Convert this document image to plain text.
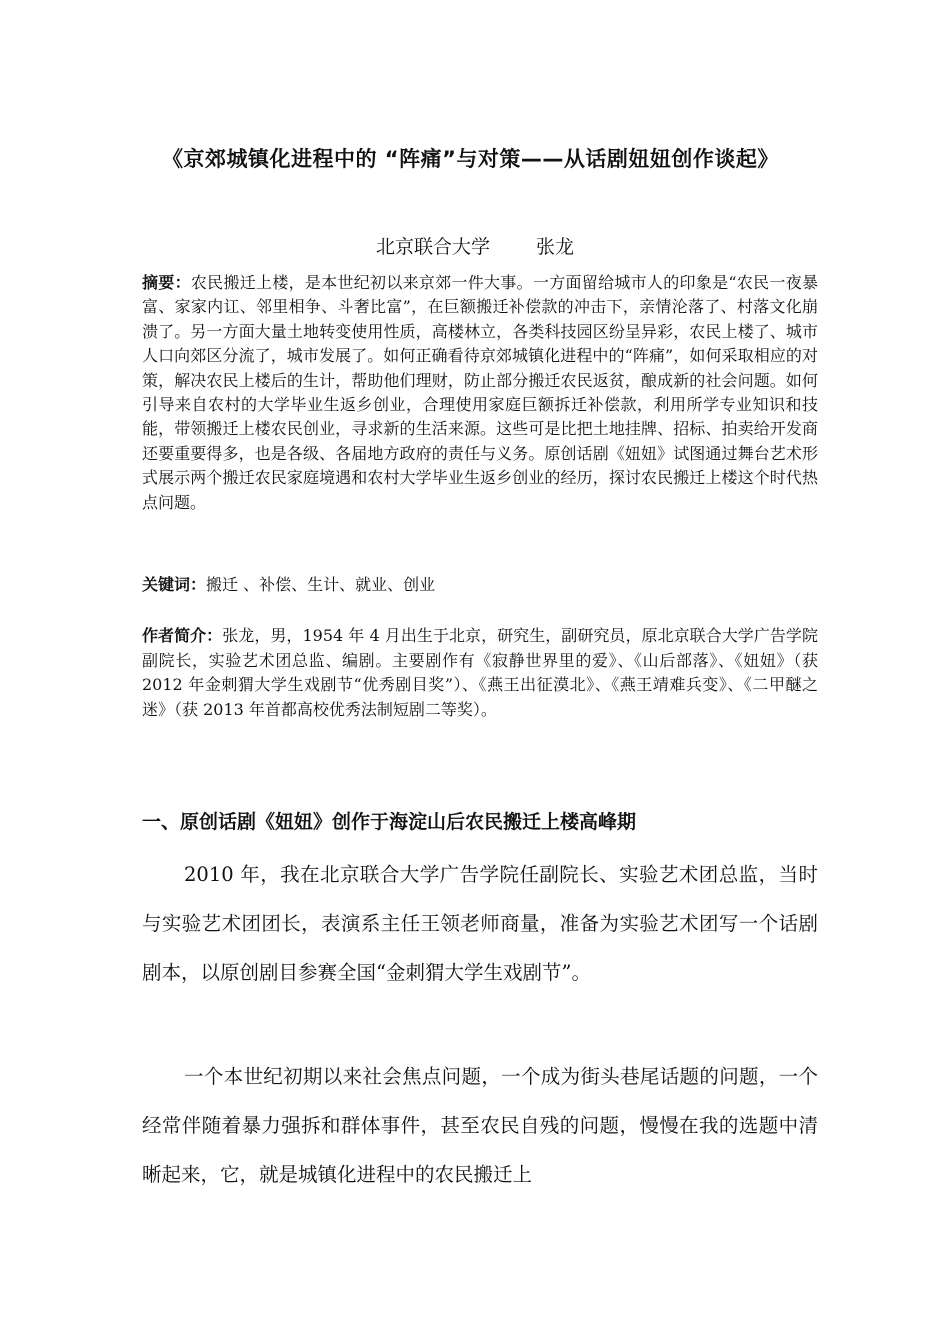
《京郊城镇化进程中的 “阵痛”与对策——从话剧妞妞创作谈起》

北京联合大学 张龙

摘要：农民搬迁上楼，是本世纪初以来京郊一件大事。一方面留给城市人的印象是“农民一夜暴富、家家内讧、邻里相争、斗奢比富”，在巨额搬迁补偿款的冲击下，亲情沦落了、村落文化崩溃了。另一方面大量土地转变使用性质，高楼林立，各类科技园区纷呈异彩，农民上楼了、城市人口向郊区分流了，城市发展了。如何正确看待京郊城镇化进程中的“阵痛”，如何采取相应的对策，解决农民上楼后的生计，帮助他们理财，防止部分搬迁农民返贫，酿成新的社会问题。如何引导来自农村的大学毕业生返乡创业，合理使用家庭巨额拆迁补偿款，利用所学专业知识和技能，带领搬迁上楼农民创业，寻求新的生活来源。这些可是比把土地挂牌、招标、拍卖给开发商还要重要得多，也是各级、各届地方政府的责任与义务。原创话剧《妞妞》试图通过舞台艺术形式展示两个搬迁农民家庭境遇和农村大学毕业生返乡创业的经历，探讨农民搬迁上楼这个时代热点问题。

关键词：搬迁 、补偿、生计、就业、创业

作者简介：张龙，男，1954 年 4 月出生于北京，研究生，副研究员，原北京联合大学广告学院副院长，实验艺术团总监、编剧。主要剧作有《寂静世界里的爱》、《山后部落》、《妞妞》（获 2012 年金刺猬大学生戏剧节“优秀剧目奖”）、《燕王出征漠北》、《燕王靖难兵变》、《二甲醚之迷》（获 2013 年首都高校优秀法制短剧二等奖）。

一、原创话剧《妞妞》创作于海淀山后农民搬迁上楼高峰期

2010 年，我在北京联合大学广告学院任副院长、实验艺术团总监，当时与实验艺术团团长，表演系主任王领老师商量，准备为实验艺术团写一个话剧剧本，以原创剧目参赛全国“金刺猬大学生戏剧节”。

一个本世纪初期以来社会焦点问题，一个成为街头巷尾话题的问题，一个经常伴随着暴力强拆和群体事件，甚至农民自残的问题，慢慢在我的选题中清晰起来，它，就是城镇化进程中的农民搬迁上
